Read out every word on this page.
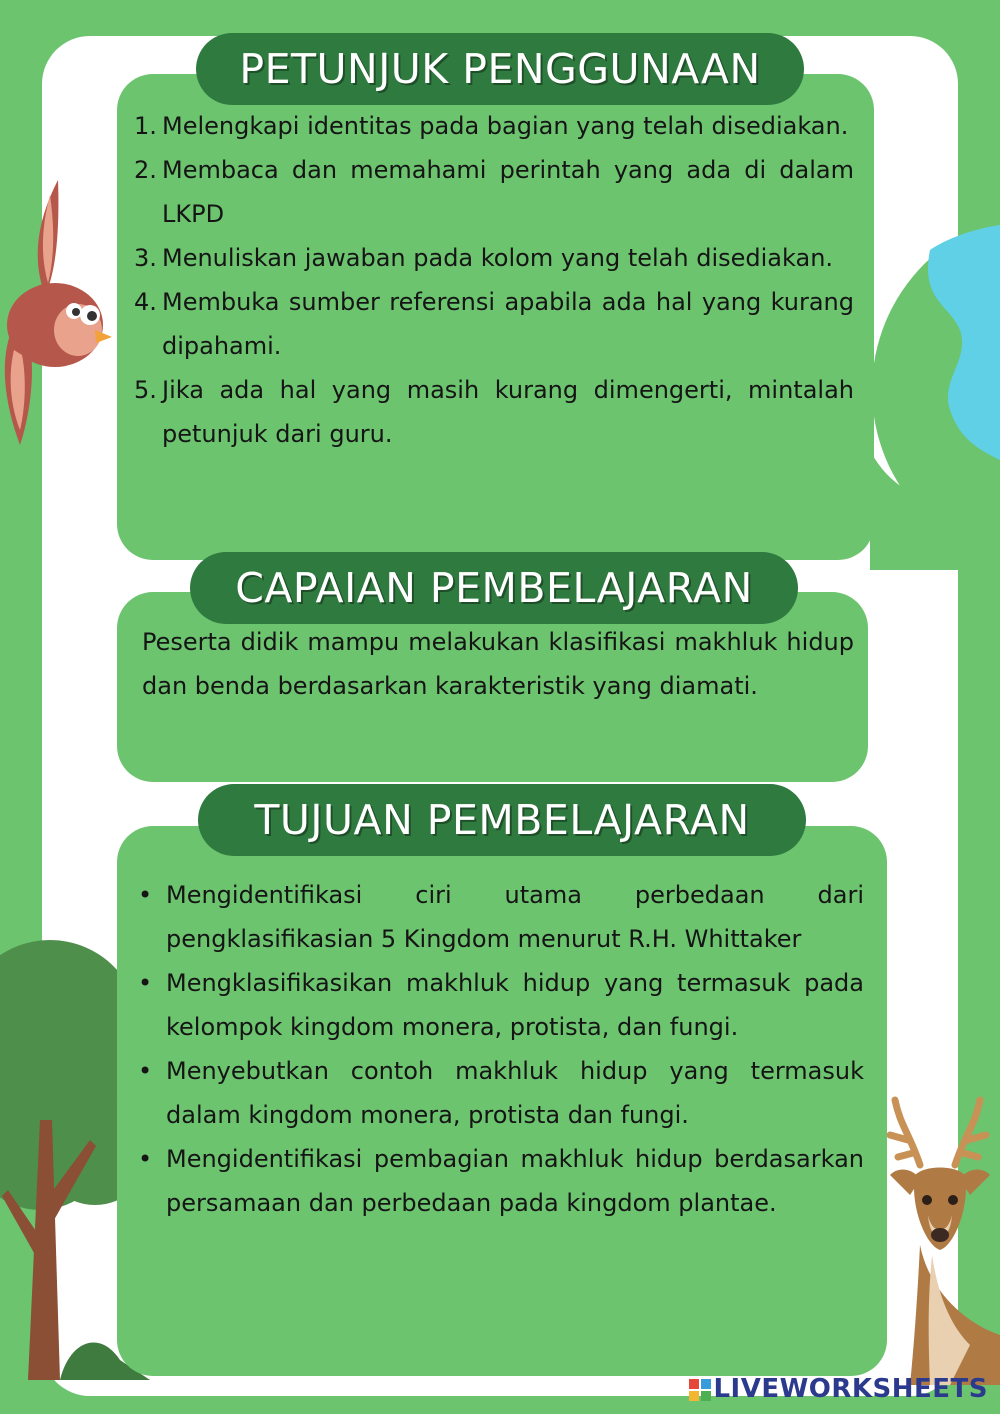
PETUNJUK PENGGUNAAN
1. Melengkapi identitas pada bagian yang telah disediakan.
2. Membaca dan memahami perintah yang ada di dalam LKPD
3. Menuliskan jawaban pada kolom yang telah disediakan.
4. Membuka sumber referensi apabila ada hal yang kurang dipahami.
5. Jika ada hal yang masih kurang dimengerti, mintalah petunjuk dari guru.
CAPAIAN PEMBELAJARAN

Peserta didik mampu melakukan klasifikasi makhluk hidup dan benda berdasarkan karakteristik yang diamati.

TUJUAN PEMBELAJARAN
• Mengidentifikasi ciri utama perbedaan dari pengklasifikasian 5 Kingdom menurut R.H. Whittaker
• Mengklasifikasikan makhluk hidup yang termasuk pada kelompok kingdom monera, protista, dan fungi.
• Menyebutkan contoh makhluk hidup yang termasuk dalam kingdom monera, protista dan fungi.
• Mengidentifikasi pembagian makhluk hidup berdasarkan persamaan dan perbedaan pada kingdom plantae.
LIVEWORKSHEETS
